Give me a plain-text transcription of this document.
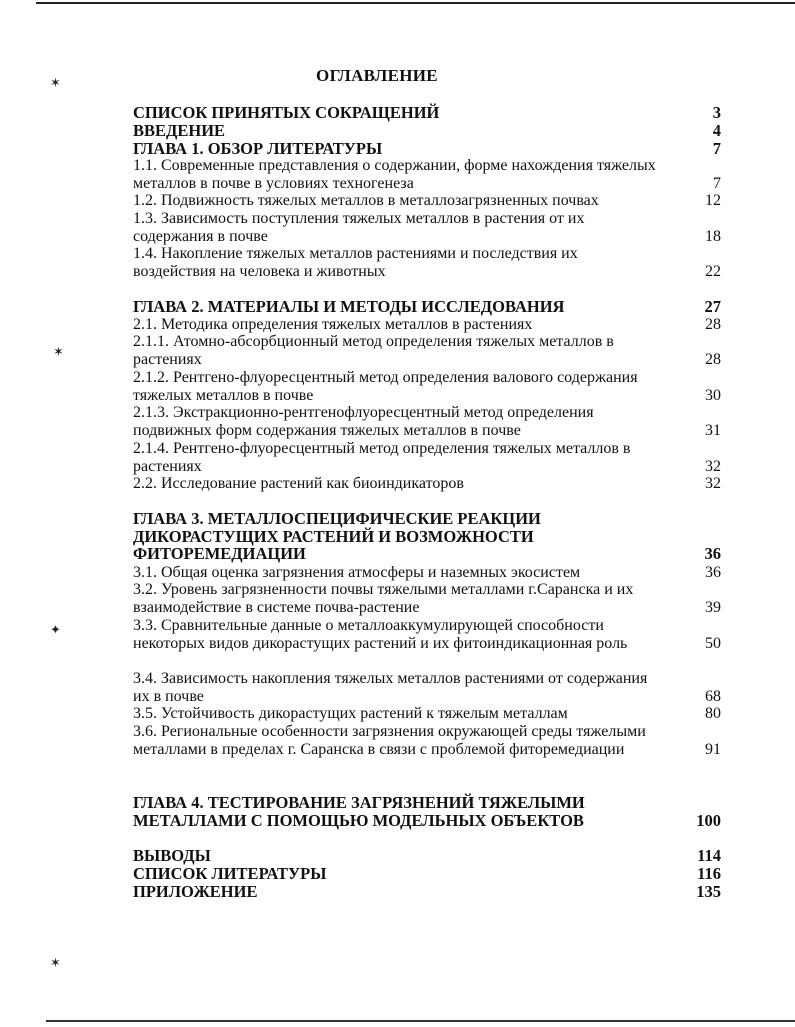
✶
✶
✦
✶
ОГЛАВЛЕНИЕ
СПИСОК ПРИНЯТЫХ СОКРАЩЕНИЙ	3
ВВЕДЕНИЕ	4
ГЛАВА 1. ОБЗОР ЛИТЕРАТУРЫ	7
1.1. Современные представления о содержании, форме нахождения тяжелых металлов в почве в условиях техногенеза	7
1.2. Подвижность тяжелых металлов в металлозагрязненных почвах	12
1.3. Зависимость поступления тяжелых металлов в растения от их содержания в почве	18
1.4. Накопление тяжелых металлов растениями и последствия их воздействия на человека и животных	22
ГЛАВА 2. МАТЕРИАЛЫ И МЕТОДЫ ИССЛЕДОВАНИЯ	27
2.1. Методика определения тяжелых металлов в растениях	28
2.1.1. Атомно-абсорбционный метод определения тяжелых металлов в растениях	28
2.1.2. Рентгено-флуоресцентный метод определения валового содержания тяжелых металлов в почве	30
2.1.3. Экстракционно-рентгенофлуоресцентный метод определения подвижных форм содержания тяжелых металлов в почве	31
2.1.4. Рентгено-флуоресцентный метод определения тяжелых металлов в растениях	32
2.2. Исследование растений как биоиндикаторов	32
ГЛАВА 3. МЕТАЛЛОСПЕЦИФИЧЕСКИЕ РЕАКЦИИ ДИКОРАСТУЩИХ РАСТЕНИЙ И ВОЗМОЖНОСТИ ФИТОРЕМЕДИАЦИИ	36
3.1. Общая оценка загрязнения атмосферы и наземных экосистем	36
3.2. Уровень загрязненности почвы тяжелыми металлами г.Саранска и их взаимодействие в системе почва-растение	39
3.3. Сравнительные данные о металлоаккумулирующей способности некоторых видов дикорастущих растений и их фитоиндикационная роль	50
3.4. Зависимость накопления тяжелых металлов растениями от содержания их в почве	68
3.5. Устойчивость дикорастущих растений к тяжелым металлам	80
3.6. Региональные особенности загрязнения окружающей среды тяжелыми металлами в пределах г. Саранска в связи с проблемой фиторемедиации	91
ГЛАВА 4. ТЕСТИРОВАНИЕ ЗАГРЯЗНЕНИЙ ТЯЖЕЛЫМИ МЕТАЛЛАМИ С ПОМОЩЬЮ МОДЕЛЬНЫХ ОБЪЕКТОВ	100
ВЫВОДЫ	114
СПИСОК ЛИТЕРАТУРЫ	116
ПРИЛОЖЕНИЕ	135
